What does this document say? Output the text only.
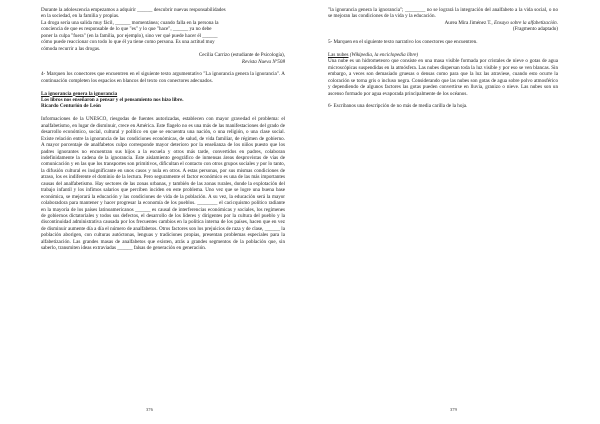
Durante la adolescencia empezamos a adquirir ______ descubrir nuevas responsabilidades

en la sociedad, en la familia y propias.

La droga sería una salida muy fácil, ______ momentánea; cuando falla en la persona la

conciencia de que es responsable de lo que "es" y lo que "hace", ______ ya no debe

poner la culpa "fuera" (en la familia, por ejemplo), sino ver qué puede hacer él ______

cómo puede reaccionar con todo lo que él ya tiene como persona. Es una actitud muy

cómoda recurrir a las drogas.

Cecilia Carrizo (estudiante de Psicología),

Revista Nueva Nº508

4- Marquen los conectores que encuentren en el siguiente texto argumentativo "La ignorancia genera la ignorancia". A continuación completen los espacios en blancos del texto con conectores adecuados.

La ignorancia genera la ignorancia

Los libros nos enseñaron a pensar y el pensamiento nos hizo libre.

Ricardo Centurión de León

Informaciones de la UNESCO, riesgodas de fuentes autorizadas, establecen con mayor gravedad el problema: el analfabetismo, en lugar de disminuir, crece en América. Este flagelo no es una más de las manifestaciones del grado de desarrollo económico, social, cultural y político en que se encuentra una nación, o una religión, o una clase social. Existe relación entre la ignorancia de las condiciones económicas, de salud, de vida familiar, de régimen de gobierno. A mayor porcentaje de analfabetos culpo corresponde mayor deterioro por la enseñanza de los niños puesto que los padres ignorantes no encuentran sus hijos a la escuela y otros más tarde, convertidos en padres, colaboran indefinidamente la cadena de la ignorancia. Este aislamiento geográfico de inmensas áreas desprovistas de vías de comunicación y en las que los transportes son primitivos, dificultan el contacto con otros grupos sociales y por lo tanto, la difusión cultural es insignificante en unos casos y nula en otros. A estas personas, por sus mismas condiciones de atraso, los es indiferente el dominio de la lectura. Pero seguramente el factor económico es una de las más importantes causas del analfabetismo. Hay sectores de las zonas urbanas, y también de las zonas rurales, donde la explotación del trabajo infantil y los ínfimos salarios que perciben inciden en este problema. Uno vez que se logre una buena base económica, se mejorará la educación y las condiciones de vida de la población. A su vez, la educación será la mayor colaboradora para mantener y hacer progresar la economía de los pueblos. ________ el cacicquismo político radiante en la mayoría de los países latinoamericanos ______ es causal de interferencias económicas y sociales, los regímenes de gobiernos dictatoriales y todos sus defectos, el desarrollo de los líderes y dirigentes por la cultura del pueblo y la discontinuidad administrativa causada por los frecuentes cambios en la política interna de los países, hacen que en vez de disminuir aumente día a día el número de analfabetos. Otros factores son los prejuicios de raza y de clase, ______ la población aborigen, con culturas autóctonas, lenguas y tradiciones propias, presentan problemas especiales para la alfabetización. Las grandes masas de analfabetos que existen, atrás a grandes segmentos de la población que, sin saberlo, transmiten ideas extraviadas ______ falsas de generación en generación.

376

"la ignorancia genera la ignorancia"; ________ no se logrará la integración del analfabeto a la vida social, o no se mejoran las condiciones de la vida y la educación.

Aurea Mira Jiménez T., Ensayo sobre la alfabetización.

(Fragmento adaptado)

5- Marquen en el siguiente texto narrativo los conectores que encuentren.

Las nubes (Wikipedia, la enciclopedia libre)

Una nube es un hidrometeoro que consiste en una masa visible formada por cristales de nieve o gotas de agua microscópicas suspendidas en la atmósfera. Las nubes dispersan toda la luz visible y por eso se ven blancas. Sin embargo, a veces son demasiado gruesas o densas como para que la luz las atraviese, cuando esto ocurre la coloración se torna gris o incluso negra. Considerando que las nubes son gotas de agua sobre polvo atmosférico y dependiendo de algunos factores las gotas pueden convertirse en lluvia, granizo o nieve. Las nubes son un ascenso formado por agua evaporada principalmente de los océanos.

6- Escribanos una descripción de no más de media carilla de la hoja.

379
